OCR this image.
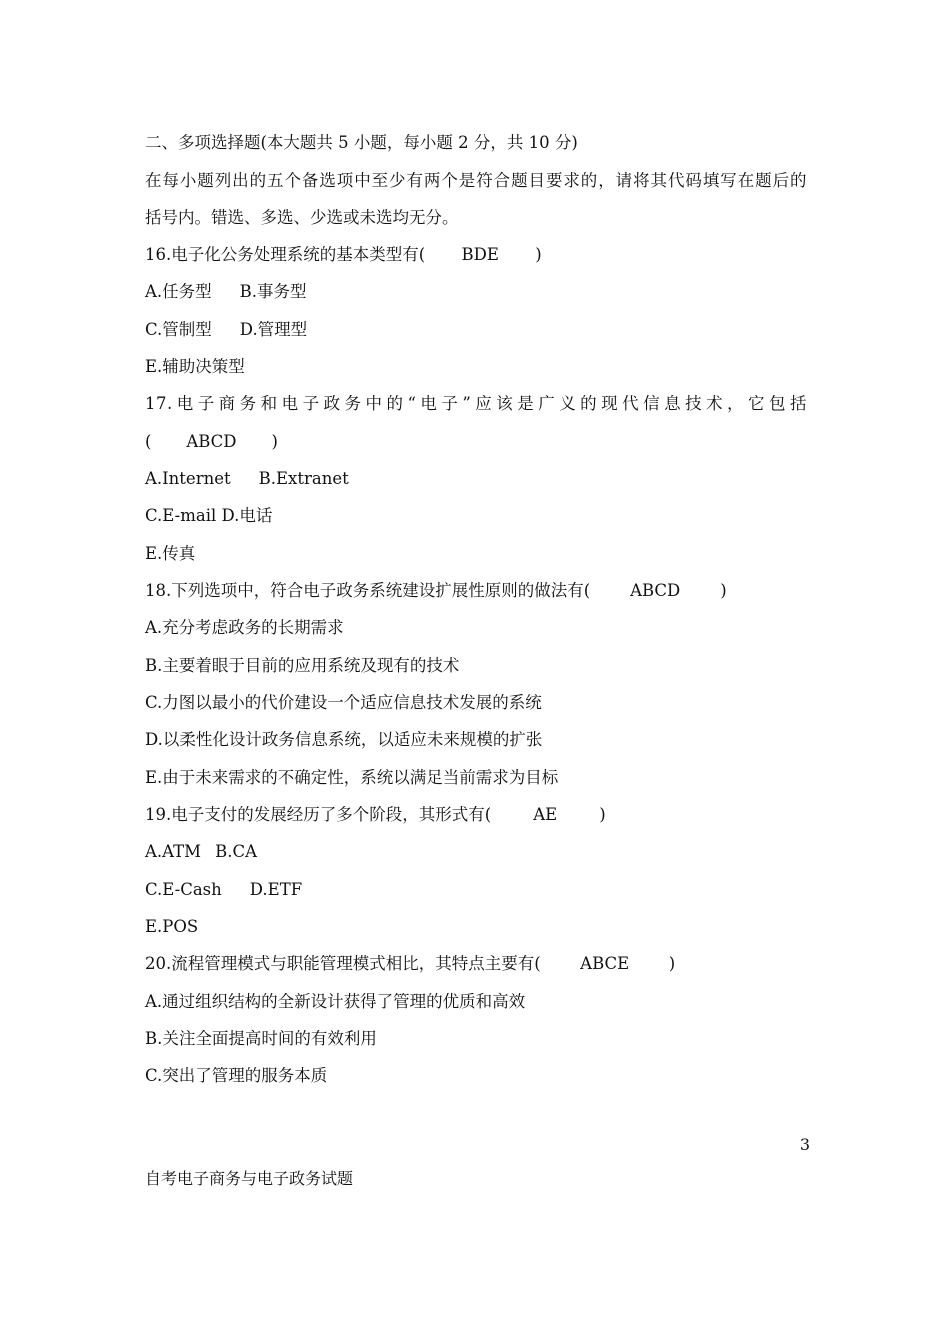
二、多项选择题(本大题共 5 小题，每小题 2 分，共 10 分)
在每小题列出的五个备选项中至少有两个是符合题目要求的，请将其代码填写在题后的
括号内。错选、多选、少选或未选均无分。
16.电子化公务处理系统的基本类型有( BDE )
A.任务型 B.事务型
C.管制型 D.管理型
E.辅助决策型
17.电子商务和电子政务中的“电子”应该是广义的现代信息技术，它包括
( ABCD )
A.Internet B.Extranet
C.E-mail D.电话
E.传真
18.下列选项中，符合电子政务系统建设扩展性原则的做法有( ABCD )
A.充分考虑政务的长期需求
B.主要着眼于目前的应用系统及现有的技术
C.力图以最小的代价建设一个适应信息技术发展的系统
D.以柔性化设计政务信息系统，以适应未来规模的扩张
E.由于未来需求的不确定性，系统以满足当前需求为目标
19.电子支付的发展经历了多个阶段，其形式有(	AE	)
A.ATM B.CA
C.E-Cash D.ETF
E.POS
20.流程管理模式与职能管理模式相比，其特点主要有( ABCE )
A.通过组织结构的全新设计获得了管理的优质和高效
B.关注全面提高时间的有效利用
C.突出了管理的服务本质
3
自考电子商务与电子政务试题
